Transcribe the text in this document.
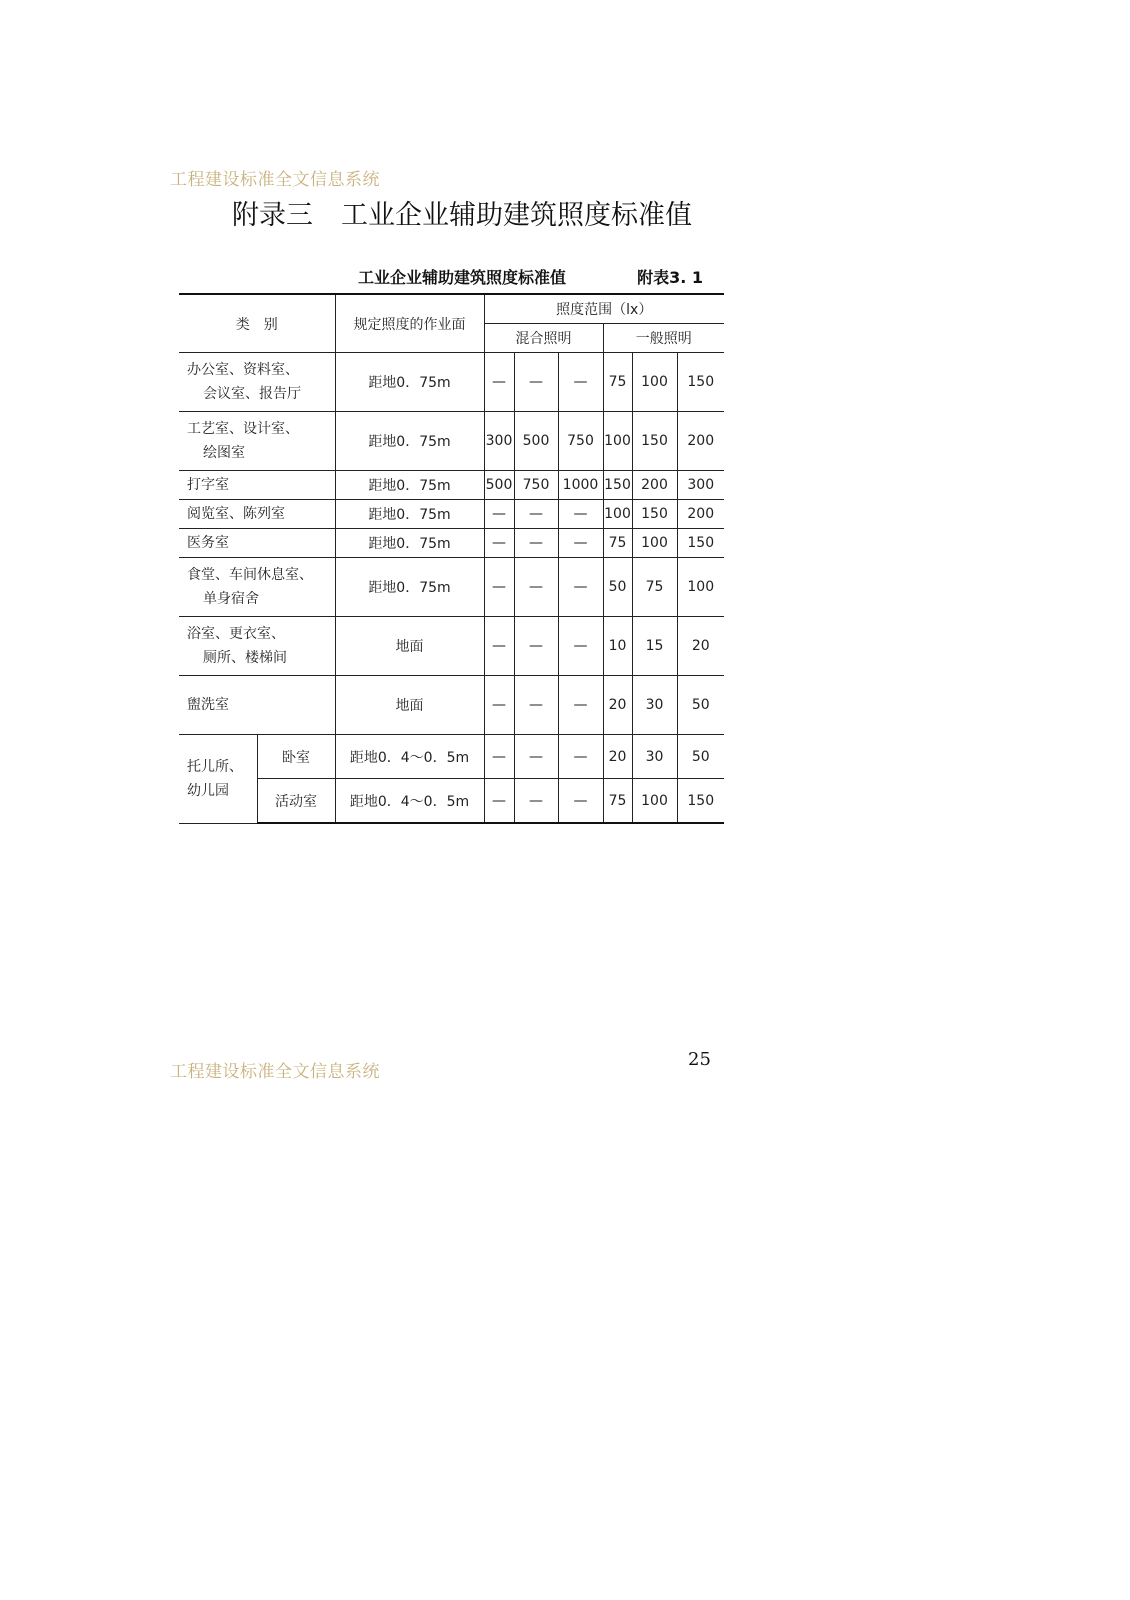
工程建设标准全文信息系统
附录三 工业企业辅助建筑照度标准值
工业企业辅助建筑照度标准值	附表3. 1
类　别		规定照度的作业面	照度范围（lx）					
			混合照明			一般照明		

办公室、资料室、
会议室、报告厅		距地0．75m	—	—	—	75	100	150

工艺室、设计室、
绘图室		距地0．75m	300	500	750	100	150	200

打字室		距地0．75m	500	750	1000	150	200	300

阅览室、陈列室		距地0．75m	—	—	—	100	150	200

医务室		距地0．75m	—	—	—	75	100	150

食堂、车间休息室、
单身宿舍		距地0．75m	—	—	—	50	75	100

浴室、更衣室、
厕所、楼梯间		地面	—	—	—	10	15	20

盥洗室		地面	—	—	—	20	30	50

托儿所、
幼儿园	卧室	距地0．4～0．5m	—	—	—	20	30	50
	活动室	距地0．4～0．5m	—	—	—	75	100	150
25
工程建设标准全文信息系统
